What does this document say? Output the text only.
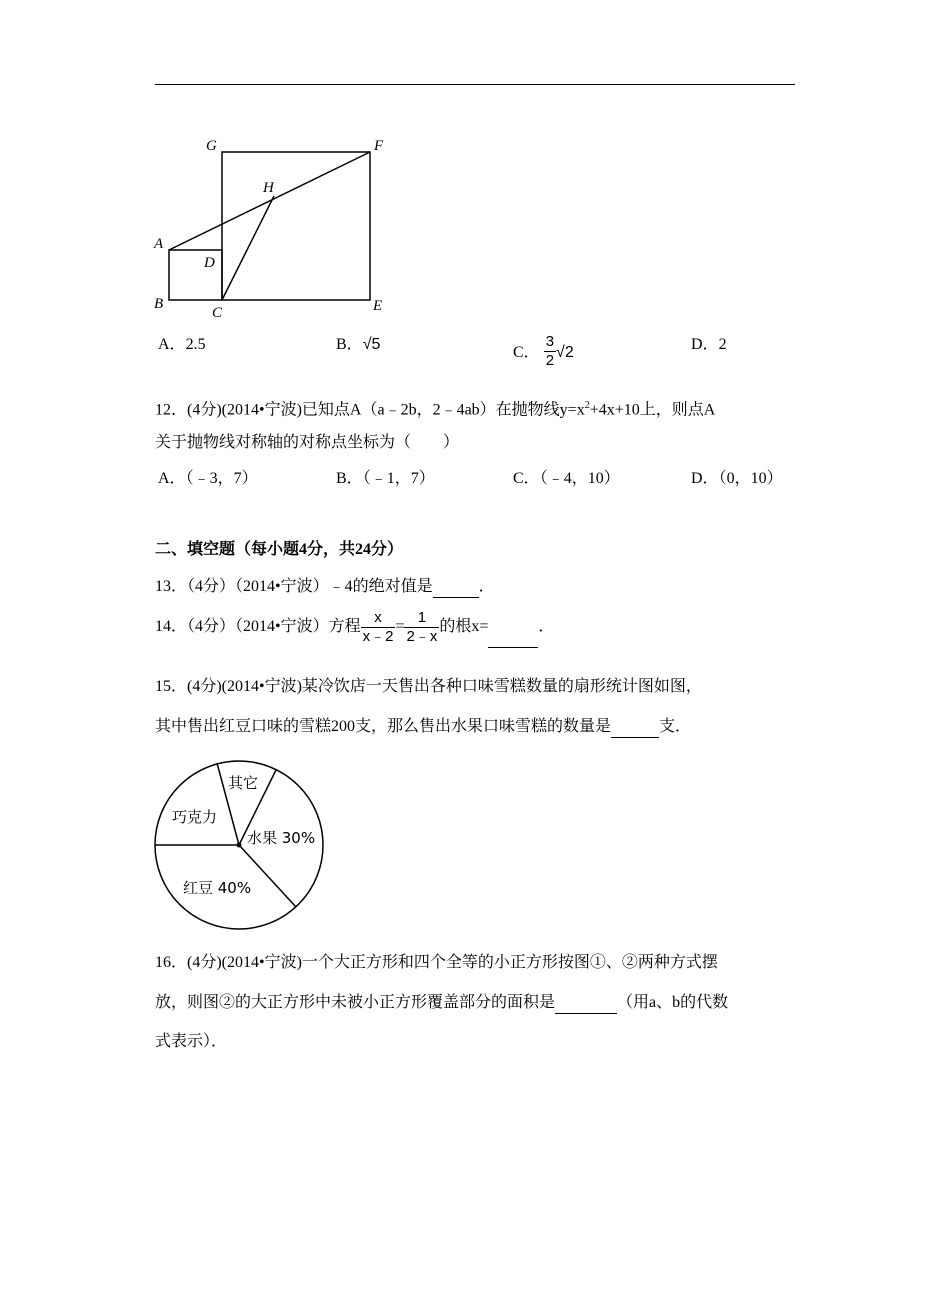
G	F
H
A
D
B
C	E
A．2.5	B．√5	C． $\frac{3}{2} √2$	D．2
12．(4分)(2014•宁波)已知点A（a﹣2b，2﹣4ab）在抛物线$y=x^2+4x+10$上，则点A
关于抛物线对称轴的对称点坐标为（　　）
A．（﹣3，7）	B．（﹣1，7）	C．（﹣4，10）	D．（0，10）
二、填空题（每小题4分，共24分）
13．（4分）（2014•宁波）﹣4的绝对值是	．
14．（4分）（2014•宁波）方程 $\frac{x}{x﹣2} = \frac{1}{2﹣x}$ 的根x=	．
15．(4分)(2014•宁波)某冷饮店一天售出各种口味雪糕数量的扇形统计图如图，
其中售出红豆口味的雪糕200支，那么售出水果口味雪糕的数量是	支．
其它
巧克力
水果 30%
红豆 40%
16．(4分)(2014•宁波)一个大正方形和四个全等的小正方形按图①、②两种方式摆
放，则图②的大正方形中未被小正方形覆盖部分的面积是	（用a、b的代数
式表示）．
